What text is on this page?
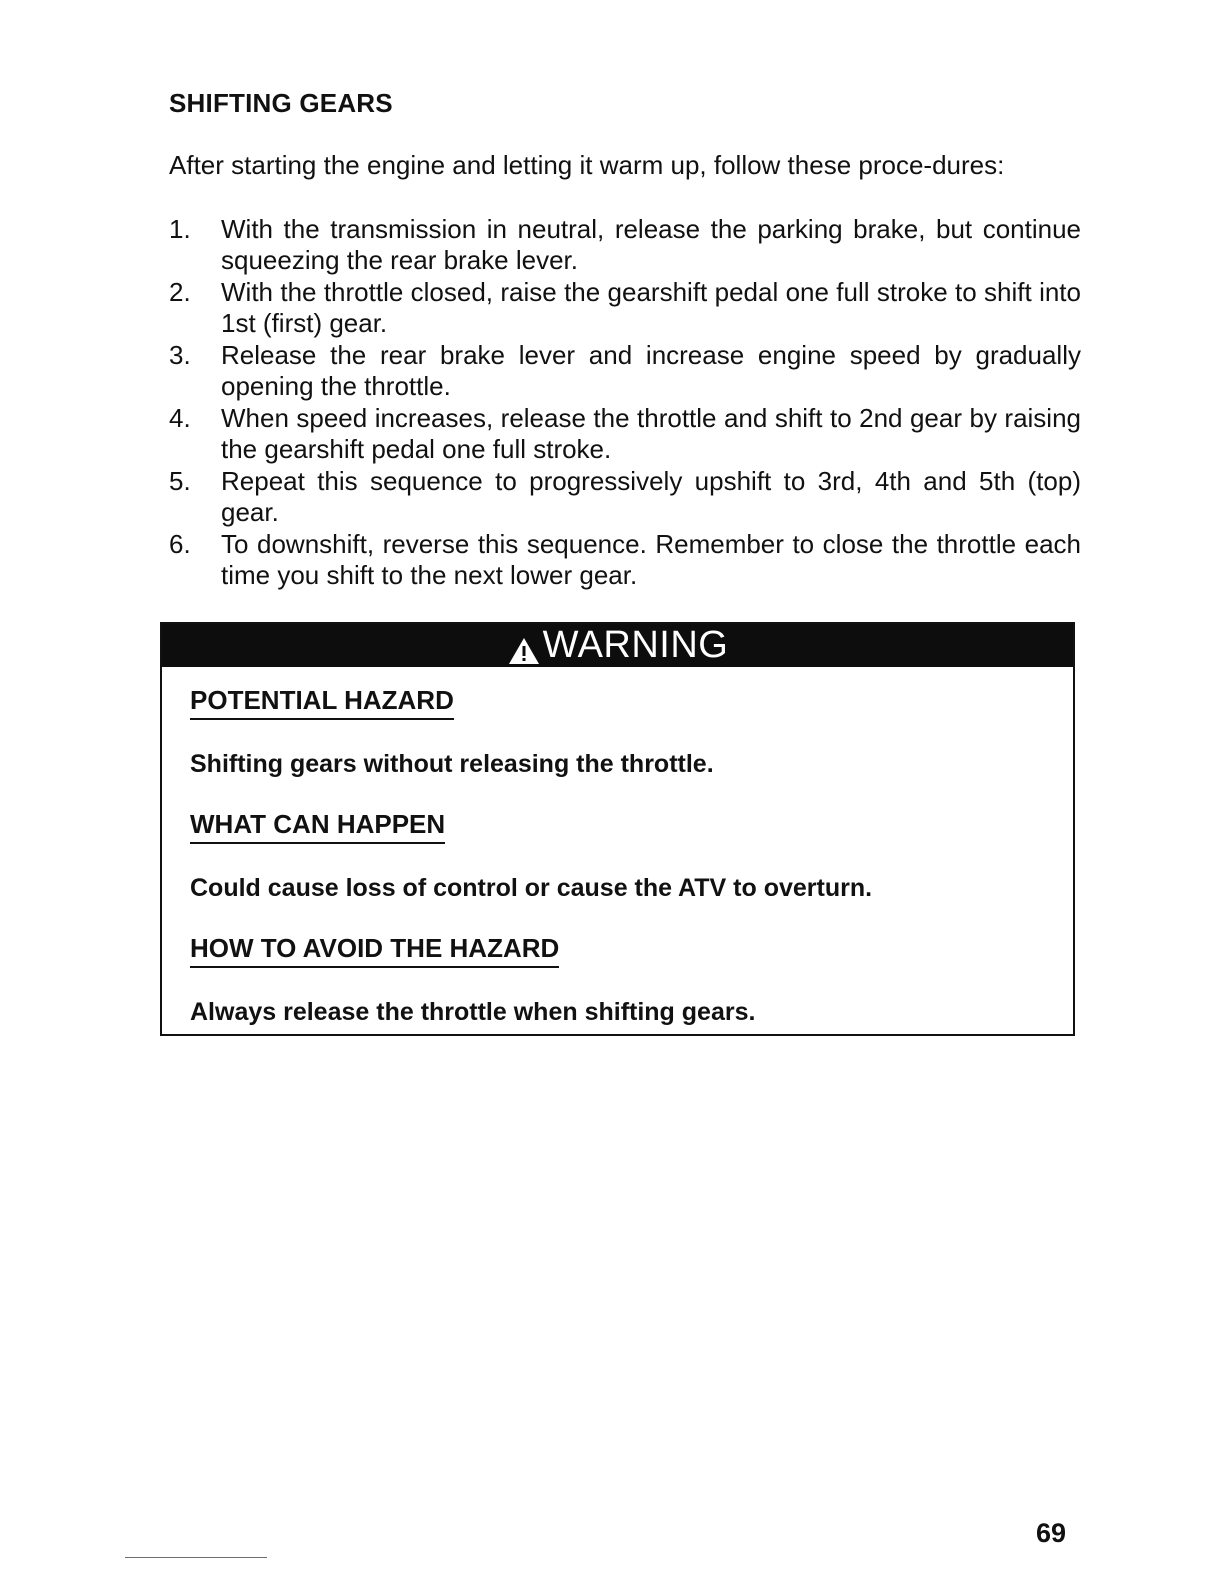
SHIFTING GEARS
After starting the engine and letting it warm up, follow these proce-dures:
1.	With the transmission in neutral, release the parking brake, but continue squeezing the rear brake lever.
2.	With the throttle closed, raise the gearshift pedal one full stroke to shift into 1st (first) gear.
3.	Release the rear brake lever and increase engine speed by gradually opening the throttle.
4.	When speed increases, release the throttle and shift to 2nd gear by raising the gearshift pedal one full stroke.
5.	Repeat this sequence to progressively upshift to 3rd, 4th and 5th (top) gear.
6.	To downshift, reverse this sequence. Remember to close the throttle each time you shift to the next lower gear.
WARNING
POTENTIAL HAZARD
Shifting gears without releasing the throttle.
WHAT CAN HAPPEN
Could cause loss of control or cause the ATV to overturn.
HOW TO AVOID THE HAZARD
Always release the throttle when shifting gears.
69
